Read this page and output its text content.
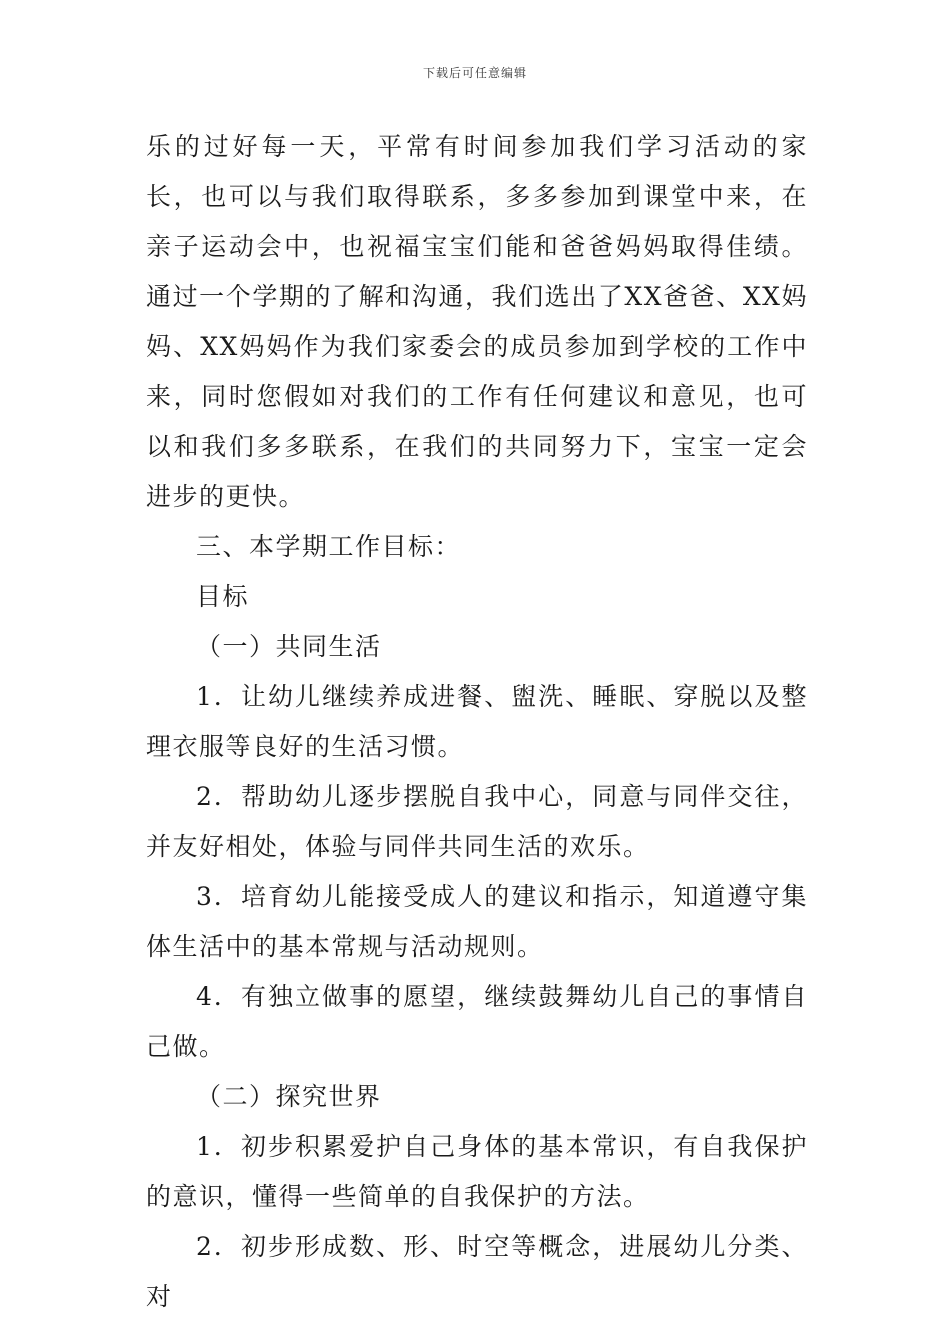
下载后可任意编辑

乐的过好每一天，平常有时间参加我们学习活动的家长，也可以与我们取得联系，多多参加到课堂中来，在亲子运动会中，也祝福宝宝们能和爸爸妈妈取得佳绩。通过一个学期的了解和沟通，我们选出了XX爸爸、XX妈妈、XX妈妈作为我们家委会的成员参加到学校的工作中来，同时您假如对我们的工作有任何建议和意见，也可以和我们多多联系，在我们的共同努力下，宝宝一定会进步的更快。

三、本学期工作目标：

目标

（一）共同生活

1．让幼儿继续养成进餐、盥洗、睡眠、穿脱以及整理衣服等良好的生活习惯。

2．帮助幼儿逐步摆脱自我中心，同意与同伴交往，并友好相处，体验与同伴共同生活的欢乐。

3．培育幼儿能接受成人的建议和指示，知道遵守集体生活中的基本常规与活动规则。

4．有独立做事的愿望，继续鼓舞幼儿自己的事情自己做。

（二）探究世界

1．初步积累爱护自己身体的基本常识，有自我保护的意识，懂得一些简单的自我保护的方法。

2．初步形成数、形、时空等概念，进展幼儿分类、对
